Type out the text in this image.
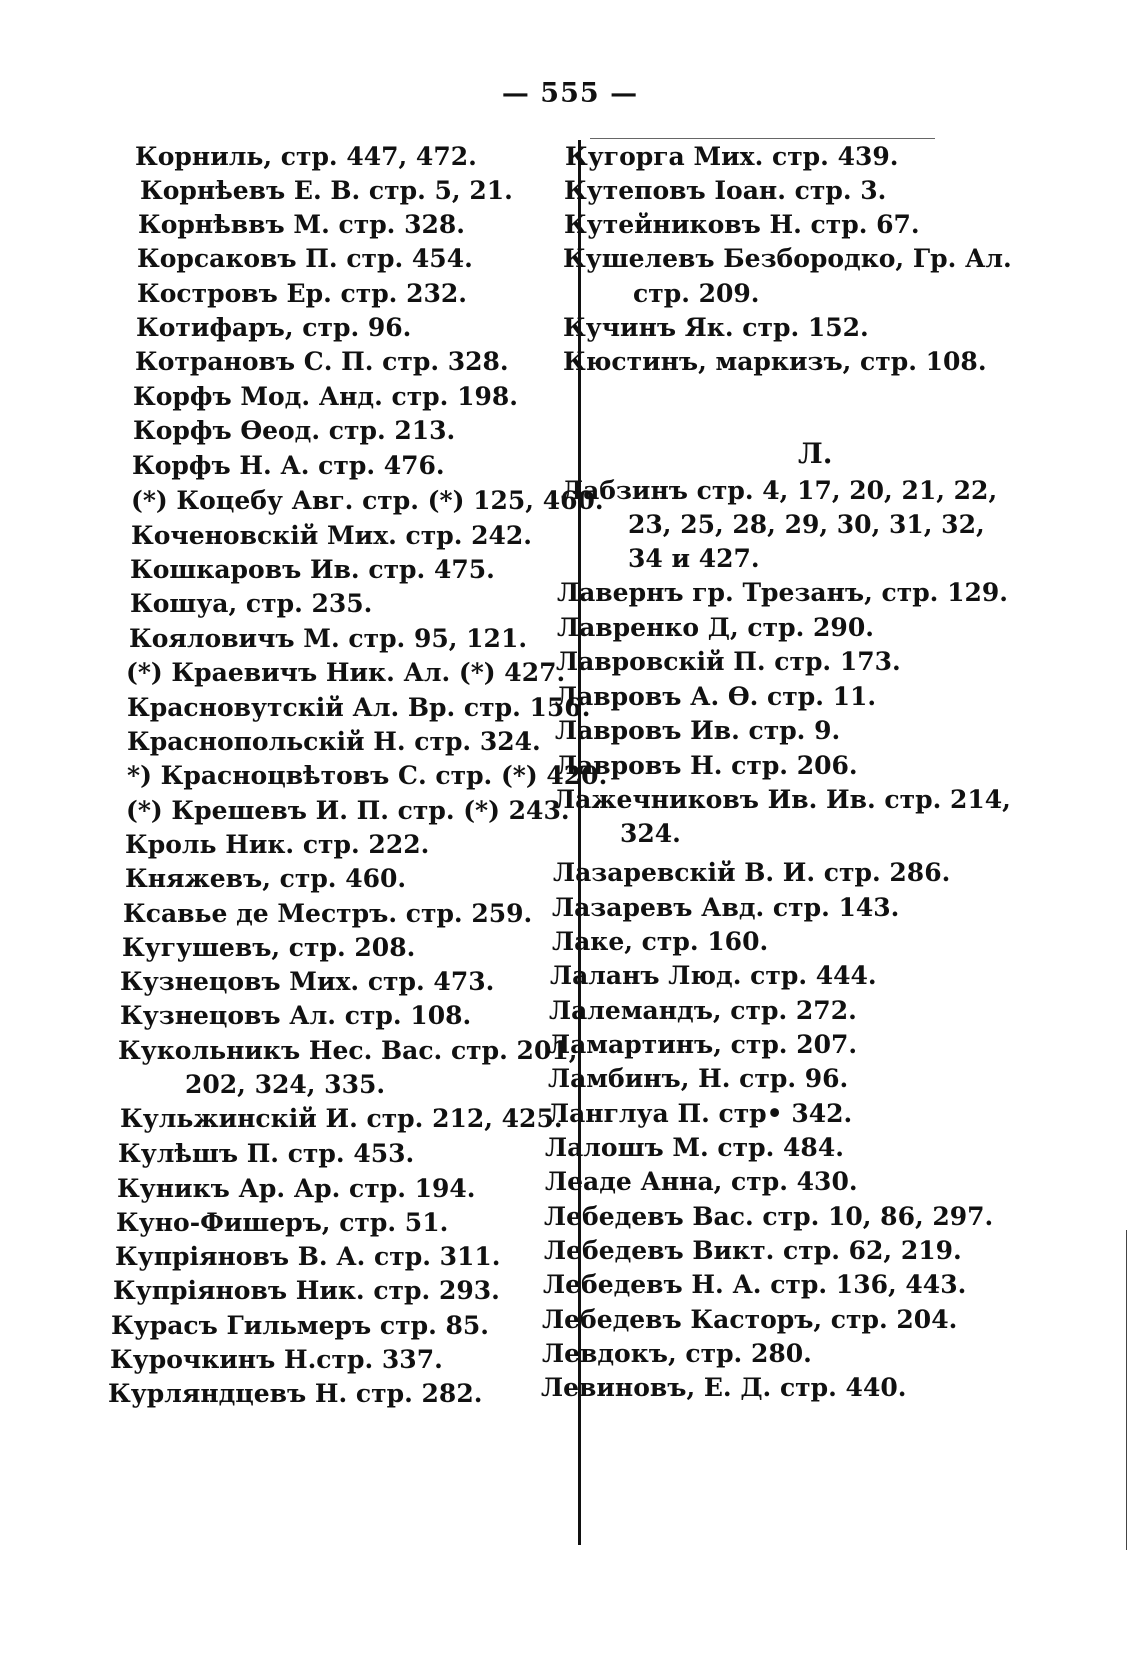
— 555 —
Корниль, стр. 447, 472.
Корнѣевъ Е. В. стр. 5, 21.
Корнѣввъ М. стр. 328.
Корсаковъ П. стр. 454.
Костровъ Ер. стр. 232.
Котифаръ, стр. 96.
Котрановъ С. П. стр. 328.
Корфъ Мод. Анд. стр. 198.
Корфъ Өеод. стр. 213.
Корфъ Н. А. стр. 476.
(*) Коцебу Авг. стр. (*) 125, 460.
Коченовскій Мих. стр. 242.
Кошкаровъ Ив. стр. 475.
Кошуа, стр. 235.
Кояловичъ М. стр. 95, 121.
(*) Краевичъ Ник. Ал. (*) 427.
Красновутскій Ал. Вр. стр. 156.
Краснопольскій Н. стр. 324.
*) Красноцвѣтовъ С. стр. (*) 420.
(*) Крешевъ И. П. стр. (*) 243.
Кроль Ник. стр. 222.
Княжевъ, стр. 460.
Ксавье де Местръ. стр. 259.
Кугушевъ, стр. 208.
Кузнецовъ Мих. стр. 473.
Кузнецовъ Ал. стр. 108.
Кукольникъ Нес. Вас. стр. 201,
202, 324, 335.
Кульжинскій И. стр. 212, 425.
Кулѣшъ П. стр. 453.
Куникъ Ар. Ар. стр. 194.
Куно-Фишеръ, стр. 51.
Купріяновъ В. А. стр. 311.
Купріяновъ Ник. стр. 293.
Курасъ Гильмеръ стр. 85.
Курочкинъ Н.стр. 337.
Курляндцевъ Н. стр. 282.
Кугорга Мих. стр. 439.
Кутеповъ Іоан. стр. 3.
Кутейниковъ Н. стр. 67.
Кушелевъ Безбородко, Гр. Ал.
стр. 209.
Кучинъ Як. стр. 152.
Кюстинъ, маркизъ, стр. 108.
Лабзинъ стр. 4, 17, 20, 21, 22,
23, 25, 28, 29, 30, 31, 32,
34 и 427.
Лавернъ гр. Трезанъ, стр. 129.
Лавренко Д, стр. 290.
Лавровскій П. стр. 173.
Лавровъ А. Ө. стр. 11.
Лавровъ Ив. стр. 9.
Лавровъ Н. стр. 206.
Лажечниковъ Ив. Ив. стр. 214,
324.
Лазаревскій В. И. стр. 286.
Лазаревъ Авд. стр. 143.
Лаке, стр. 160.
Лаланъ Люд. стр. 444.
Лалемандъ, стр. 272.
Ламартинъ, стр. 207.
Ламбинъ, Н. стр. 96.
Ланглуа П. стр• 342.
Лалошъ М. стр. 484.
Леаде Анна, стр. 430.
Лебедевъ Вас. стр. 10, 86, 297.
Лебедевъ Викт. стр. 62, 219.
Лебедевъ Н. А. стр. 136, 443.
Лебедевъ Касторъ, стр. 204.
Левдокъ, стр. 280.
Левиновъ, Е. Д. стр. 440.
Л.
